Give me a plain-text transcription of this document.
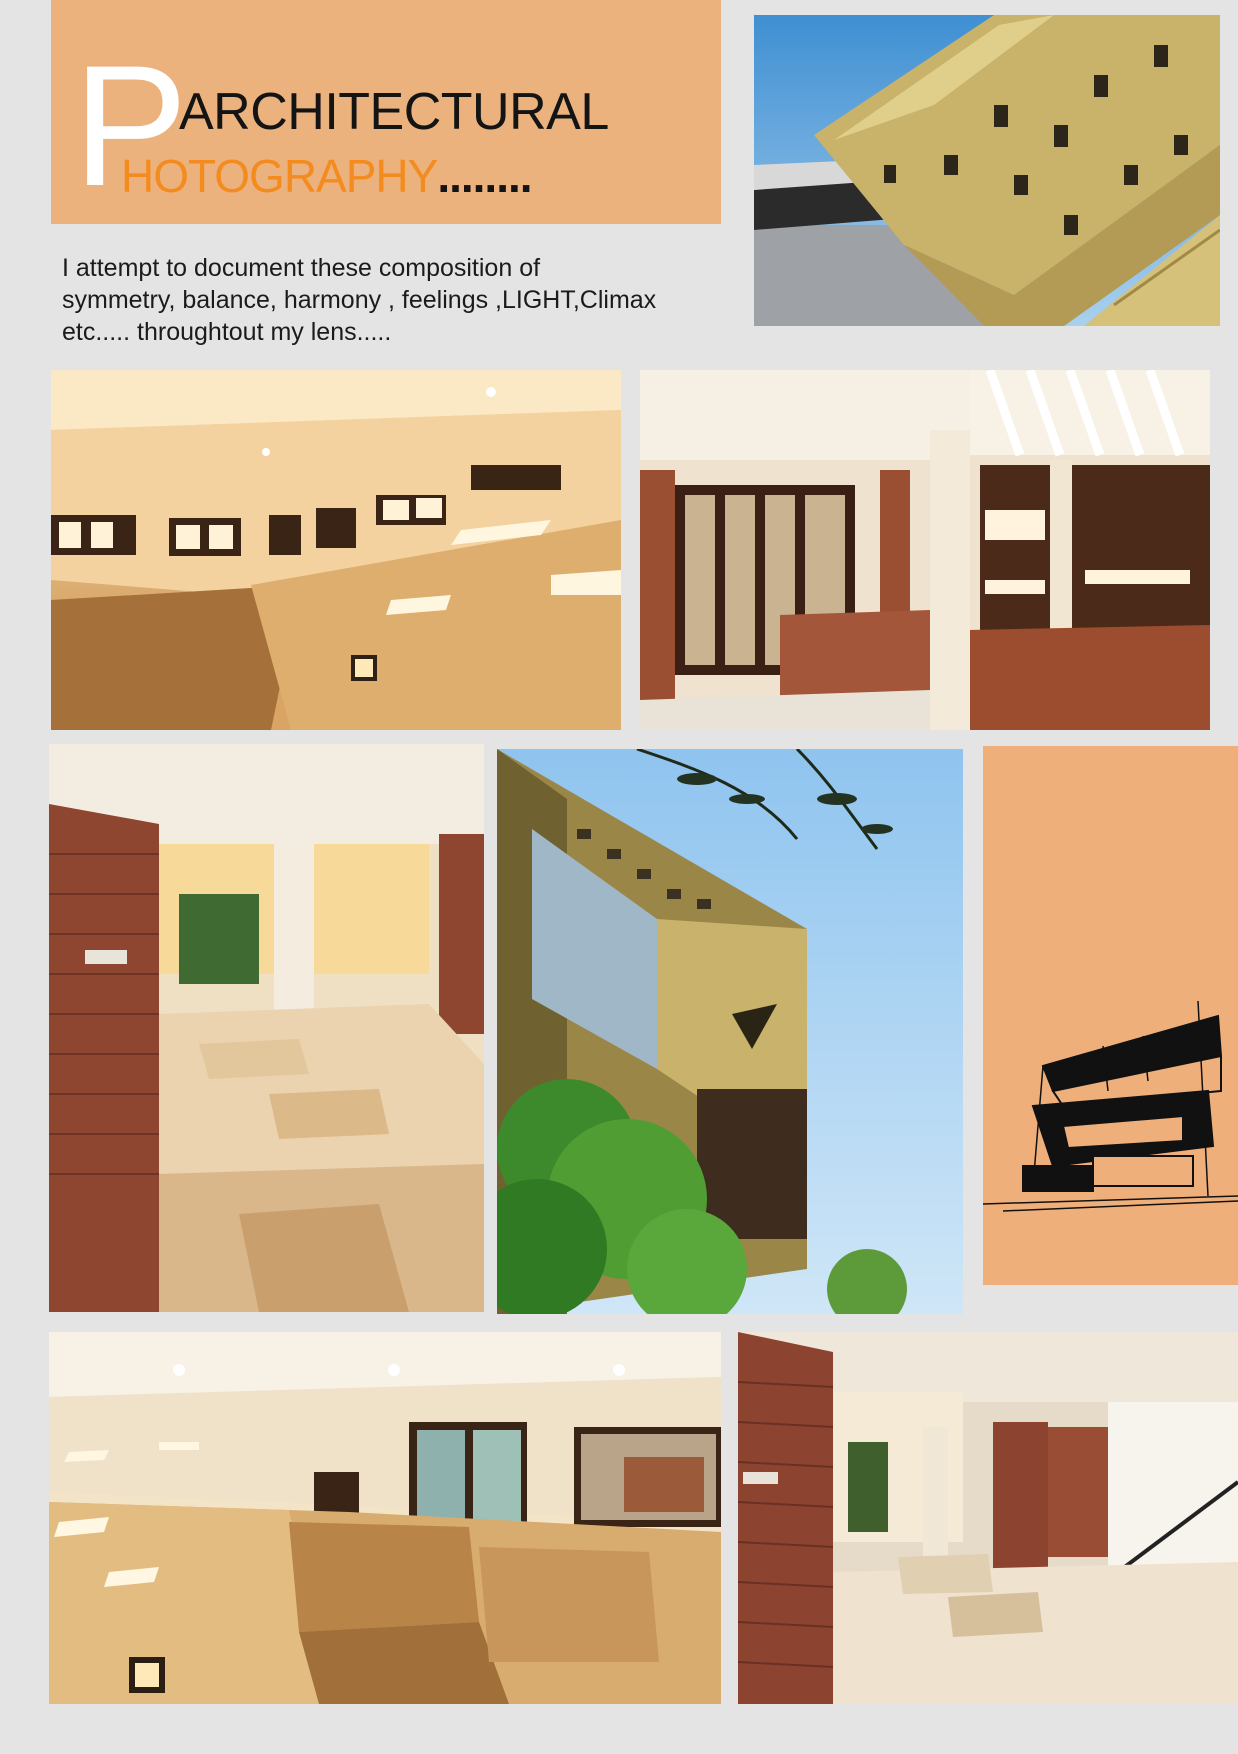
P
ARCHITECTURAL
HOTOGRAPHY........
I attempt to document these composition of
symmetry, balance, harmony , feelings ,LIGHT,Climax
etc..... throughtout my lens.....
